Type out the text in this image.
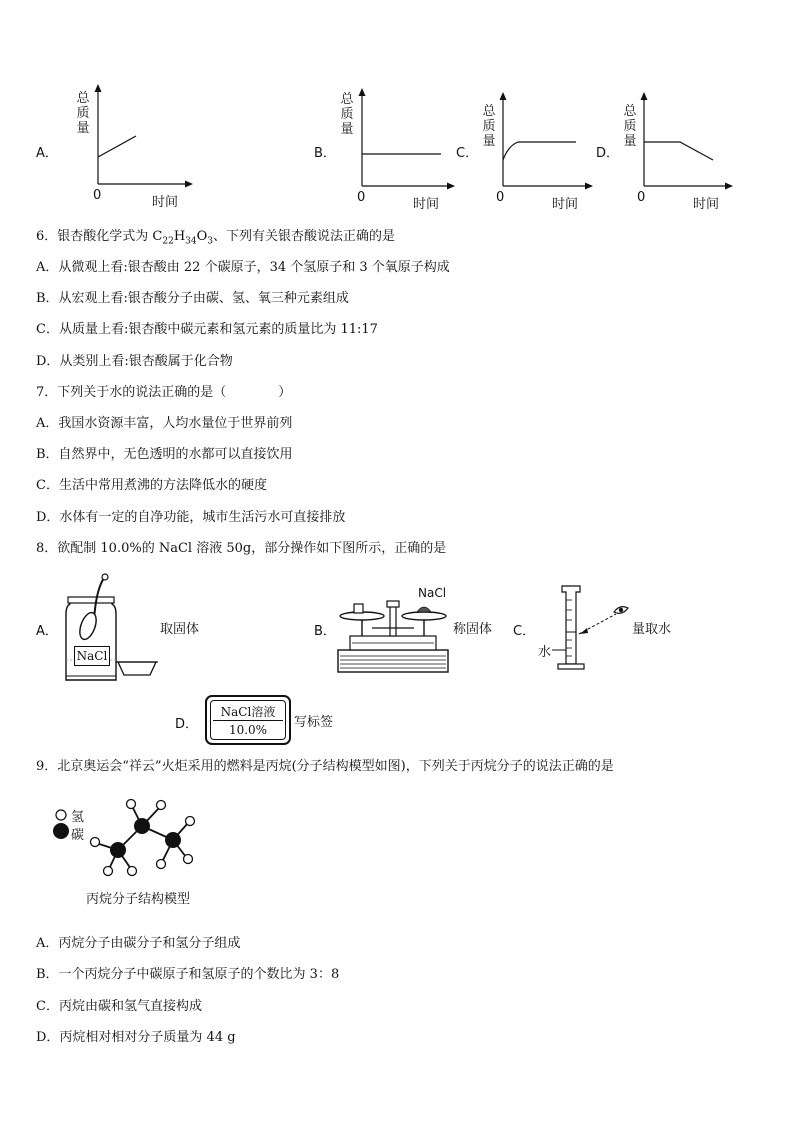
A．
总质量
0	时间
B．
总质量
0	时间
C．
总质量
0	时间
D．
总质量
0	时间
6．银杏酸化学式为 $C_{22}H_{34}O_3$、下列有关银杏酸说法正确的是
A．从微观上看:银杏酸由 22 个碳原子，34 个氢原子和 3 个氧原子构成
B．从宏观上看:银杏酸分子由碳、氢、氧三种元素组成
C．从质量上看:银杏酸中碳元素和氢元素的质量比为 11:17
D．从类别上看:银杏酸属于化合物
7．下列关于水的说法正确的是（　　　　）
A．我国水资源丰富，人均水量位于世界前列
B．自然界中，无色透明的水都可以直接饮用
C．生活中常用煮沸的方法降低水的硬度
D．水体有一定的自净功能，城市生活污水可直接排放
8．欲配制 10.0%的 NaCl 溶液 50g，部分操作如下图所示，正确的是
A．
NaCl
取固体	B．
NaCl
称固体 C．
水
量取水
D．
NaCl溶液
10.0%	写标签
9．北京奥运会“祥云”火炬采用的燃料是丙烷(分子结构模型如图)，下列关于丙烷分子的说法正确的是
氢
碳
丙烷分子结构模型
A．丙烷分子由碳分子和氢分子组成
B．一个丙烷分子中碳原子和氢原子的个数比为 3：8
C．丙烷由碳和氢气直接构成
D．丙烷相对相对分子质量为 44 g
